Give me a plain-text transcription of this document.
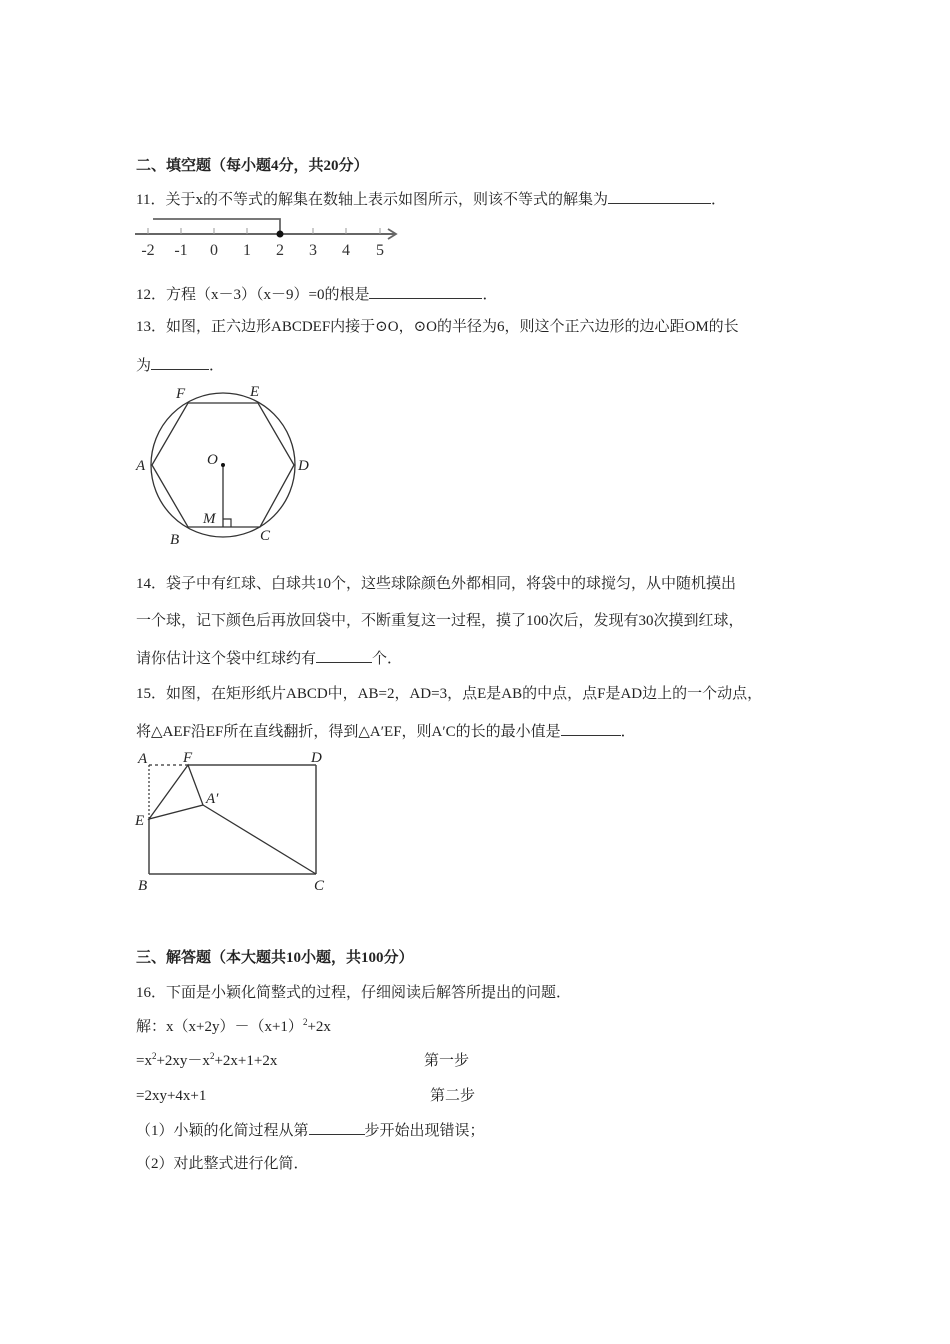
二、填空题（每小题4分，共20分）
11．关于x的不等式的解集在数轴上表示如图所示，则该不等式的解集为	．
-2 -1 0 1 2 3 4 5
12．方程（x－3）（x－9）=0的根是	．
13．如图，正六边形ABCDEF内接于⊙O，⊙O的半径为6，则这个正六边形的边心距OM的长
为	．
F	E
A	D
O
M
B	C
14．袋子中有红球、白球共10个，这些球除颜色外都相同，将袋中的球搅匀，从中随机摸出
一个球，记下颜色后再放回袋中，不断重复这一过程，摸了100次后，发现有30次摸到红球，
请你估计这个袋中红球约有	个．
15．如图，在矩形纸片ABCD中，AB=2，AD=3，点E是AB的中点，点F是AD边上的一个动点，
将△AEF沿EF所在直线翻折，得到△A′EF，则A′C的长的最小值是	．
A F	D
A′
E
B	C
三、解答题（本大题共10小题，共100分）
16．下面是小颖化简整式的过程，仔细阅读后解答所提出的问题．
解：$x(x+2y)-(x+1)^2+2x$
$=x^2+2xy-x^2+2x+1+2x$	第一步
=2xy+4x+1	第二步
（1）小颖的化简过程从第	步开始出现错误；
（2）对此整式进行化简．
